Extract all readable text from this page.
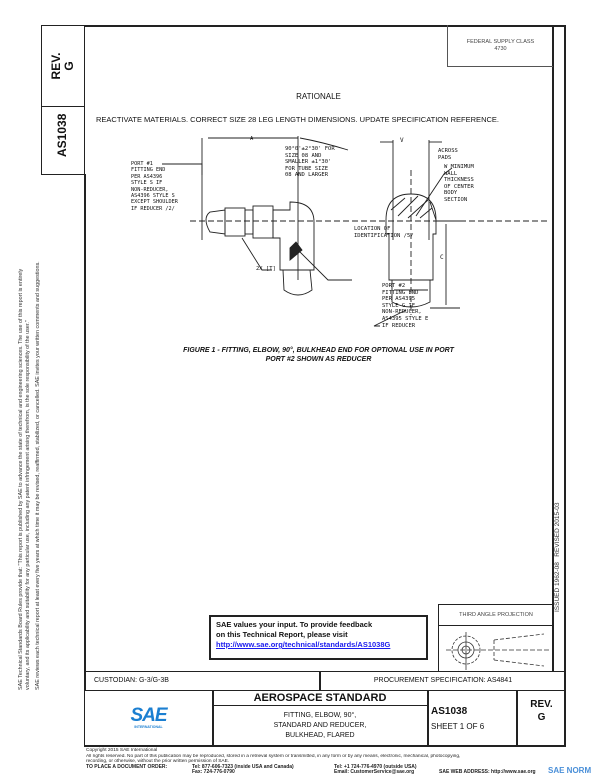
REV. G
AS1038
SAE Technical Standards Board Rules provide that: "This report is published by SAE to advance the state of technical and engineering sciences. The use of this report is entirely voluntary, and its applicability and suitability for any particular use, including any patent infringement arising therefrom, is the sole responsibility of the user." SAE reviews each technical report at least every five years at which time it may be revised, reaffirmed, stabilized, or cancelled. SAE invites your written comments and suggestions.	ISSUED 1962-08   REVISED 2015-03
FEDERAL SUPPLY CLASS
4730
RATIONALE
REACTIVATE MATERIALS. CORRECT SIZE 28 LEG LENGTH DIMENSIONS. UPDATE SPECIFICATION REFERENCE.
A	V
C
90°0'±2°30' FOR
SIZE 08 AND
SMALLER ±1°30'
FOR TUBE SIZE
08 AND LARGER
PORT #1
FITTING END
PER AS4396
STYLE S IF
NON-REDUCER,
AS4396 STYLE S
EXCEPT SHOULDER
IF REDUCER /2/
LOCATION OF
IDENTIFICATION /5/
2X [T]
ACROSS
PADS
W MINIMUM
WALL
THICKNESS
OF CENTER
BODY
SECTION
PORT #2
FITTING END
PER AS4395
STYLE G IF
NON-REDUCER,
AS4395 STYLE E
IF REDUCER
FIGURE 1 - FITTING, ELBOW, 90°, BULKHEAD END FOR OPTIONAL USE IN PORT
PORT #2 SHOWN AS REDUCER
SAE values your input. To provide feedback
on this Technical Report, please visit
http://www.sae.org/technical/standards/AS1038G
THIRD ANGLE PROJECTION
CUSTODIAN: G-3/G-3B	PROCUREMENT SPECIFICATION: AS4841
SAE
INTERNATIONAL
AEROSPACE STANDARD
FITTING, ELBOW, 90°,
STANDARD AND REDUCER,
BULKHEAD, FLARED
AS1038
SHEET 1 OF 6
REV.
G
Copyright 2015 SAE International
All rights reserved. No part of this publication may be reproduced, stored in a retrieval system or transmitted, in any form or by any means, electronic, mechanical, photocopying,
recording, or otherwise, without the prior written permission of SAE.
TO PLACE A DOCUMENT ORDER:	Tel: 877-606-7323 (inside USA and Canada)	Tel: +1 724-776-4970 (outside USA)
Fax: 724-776-0790	Email: CustomerService@sae.org	SAE WEB ADDRESS: http://www.sae.org SAE NORM
